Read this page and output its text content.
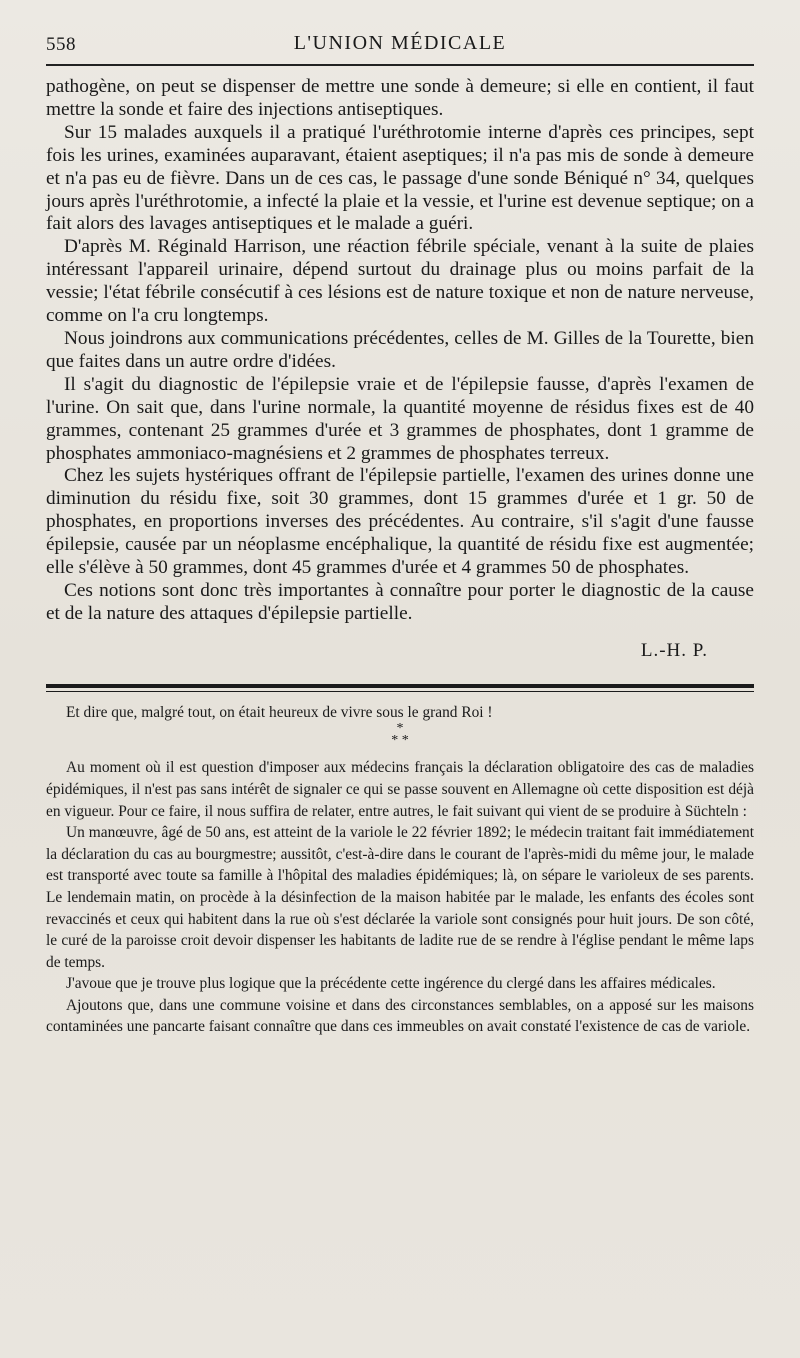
558	L'UNION MÉDICALE

pathogène, on peut se dispenser de mettre une sonde à demeure; si elle en contient, il faut mettre la sonde et faire des injections antiseptiques.

Sur 15 malades auxquels il a pratiqué l'uréthrotomie interne d'après ces principes, sept fois les urines, examinées auparavant, étaient aseptiques; il n'a pas mis de sonde à demeure et n'a pas eu de fièvre. Dans un de ces cas, le passage d'une sonde Béniqué n° 34, quelques jours après l'uréthrotomie, a infecté la plaie et la vessie, et l'urine est devenue septique; on a fait alors des lavages antiseptiques et le malade a guéri.

D'après M. Réginald Harrison, une réaction fébrile spéciale, venant à la suite de plaies intéressant l'appareil urinaire, dépend surtout du drainage plus ou moins parfait de la vessie; l'état fébrile consécutif à ces lésions est de nature toxique et non de nature nerveuse, comme on l'a cru longtemps.

Nous joindrons aux communications précédentes, celles de M. Gilles de la Tourette, bien que faites dans un autre ordre d'idées.

Il s'agit du diagnostic de l'épilepsie vraie et de l'épilepsie fausse, d'après l'examen de l'urine. On sait que, dans l'urine normale, la quantité moyenne de résidus fixes est de 40 grammes, contenant 25 grammes d'urée et 3 grammes de phosphates, dont 1 gramme de phosphates ammoniaco-magnésiens et 2 grammes de phosphates terreux.

Chez les sujets hystériques offrant de l'épilepsie partielle, l'examen des urines donne une diminution du résidu fixe, soit 30 grammes, dont 15 grammes d'urée et 1 gr. 50 de phosphates, en proportions inverses des précédentes. Au contraire, s'il s'agit d'une fausse épilepsie, causée par un néoplasme encéphalique, la quantité de résidu fixe est augmentée; elle s'élève à 50 grammes, dont 45 grammes d'urée et 4 grammes 50 de phosphates.

Ces notions sont donc très importantes à connaître pour porter le diagnostic de la cause et de la nature des attaques d'épilepsie partielle.

L.-H. P.

Et dire que, malgré tout, on était heureux de vivre sous le grand Roi !

*
* *

Au moment où il est question d'imposer aux médecins français la déclaration obligatoire des cas de maladies épidémiques, il n'est pas sans intérêt de signaler ce qui se passe souvent en Allemagne où cette disposition est déjà en vigueur. Pour ce faire, il nous suffira de relater, entre autres, le fait suivant qui vient de se produire à Süchteln :

Un manœuvre, âgé de 50 ans, est atteint de la variole le 22 février 1892; le médecin traitant fait immédiatement la déclaration du cas au bourgmestre; aussitôt, c'est-à-dire dans le courant de l'après-midi du même jour, le malade est transporté avec toute sa famille à l'hôpital des maladies épidémiques; là, on sépare le varioleux de ses parents. Le lendemain matin, on procède à la désinfection de la maison habitée par le malade, les enfants des écoles sont revaccinés et ceux qui habitent dans la rue où s'est déclarée la variole sont consignés pour huit jours. De son côté, le curé de la paroisse croit devoir dispenser les habitants de ladite rue de se rendre à l'église pendant le même laps de temps.

J'avoue que je trouve plus logique que la précédente cette ingérence du clergé dans les affaires médicales.

Ajoutons que, dans une commune voisine et dans des circonstances semblables, on a apposé sur les maisons contaminées une pancarte faisant connaître que dans ces immeubles on avait constaté l'existence de cas de variole.
